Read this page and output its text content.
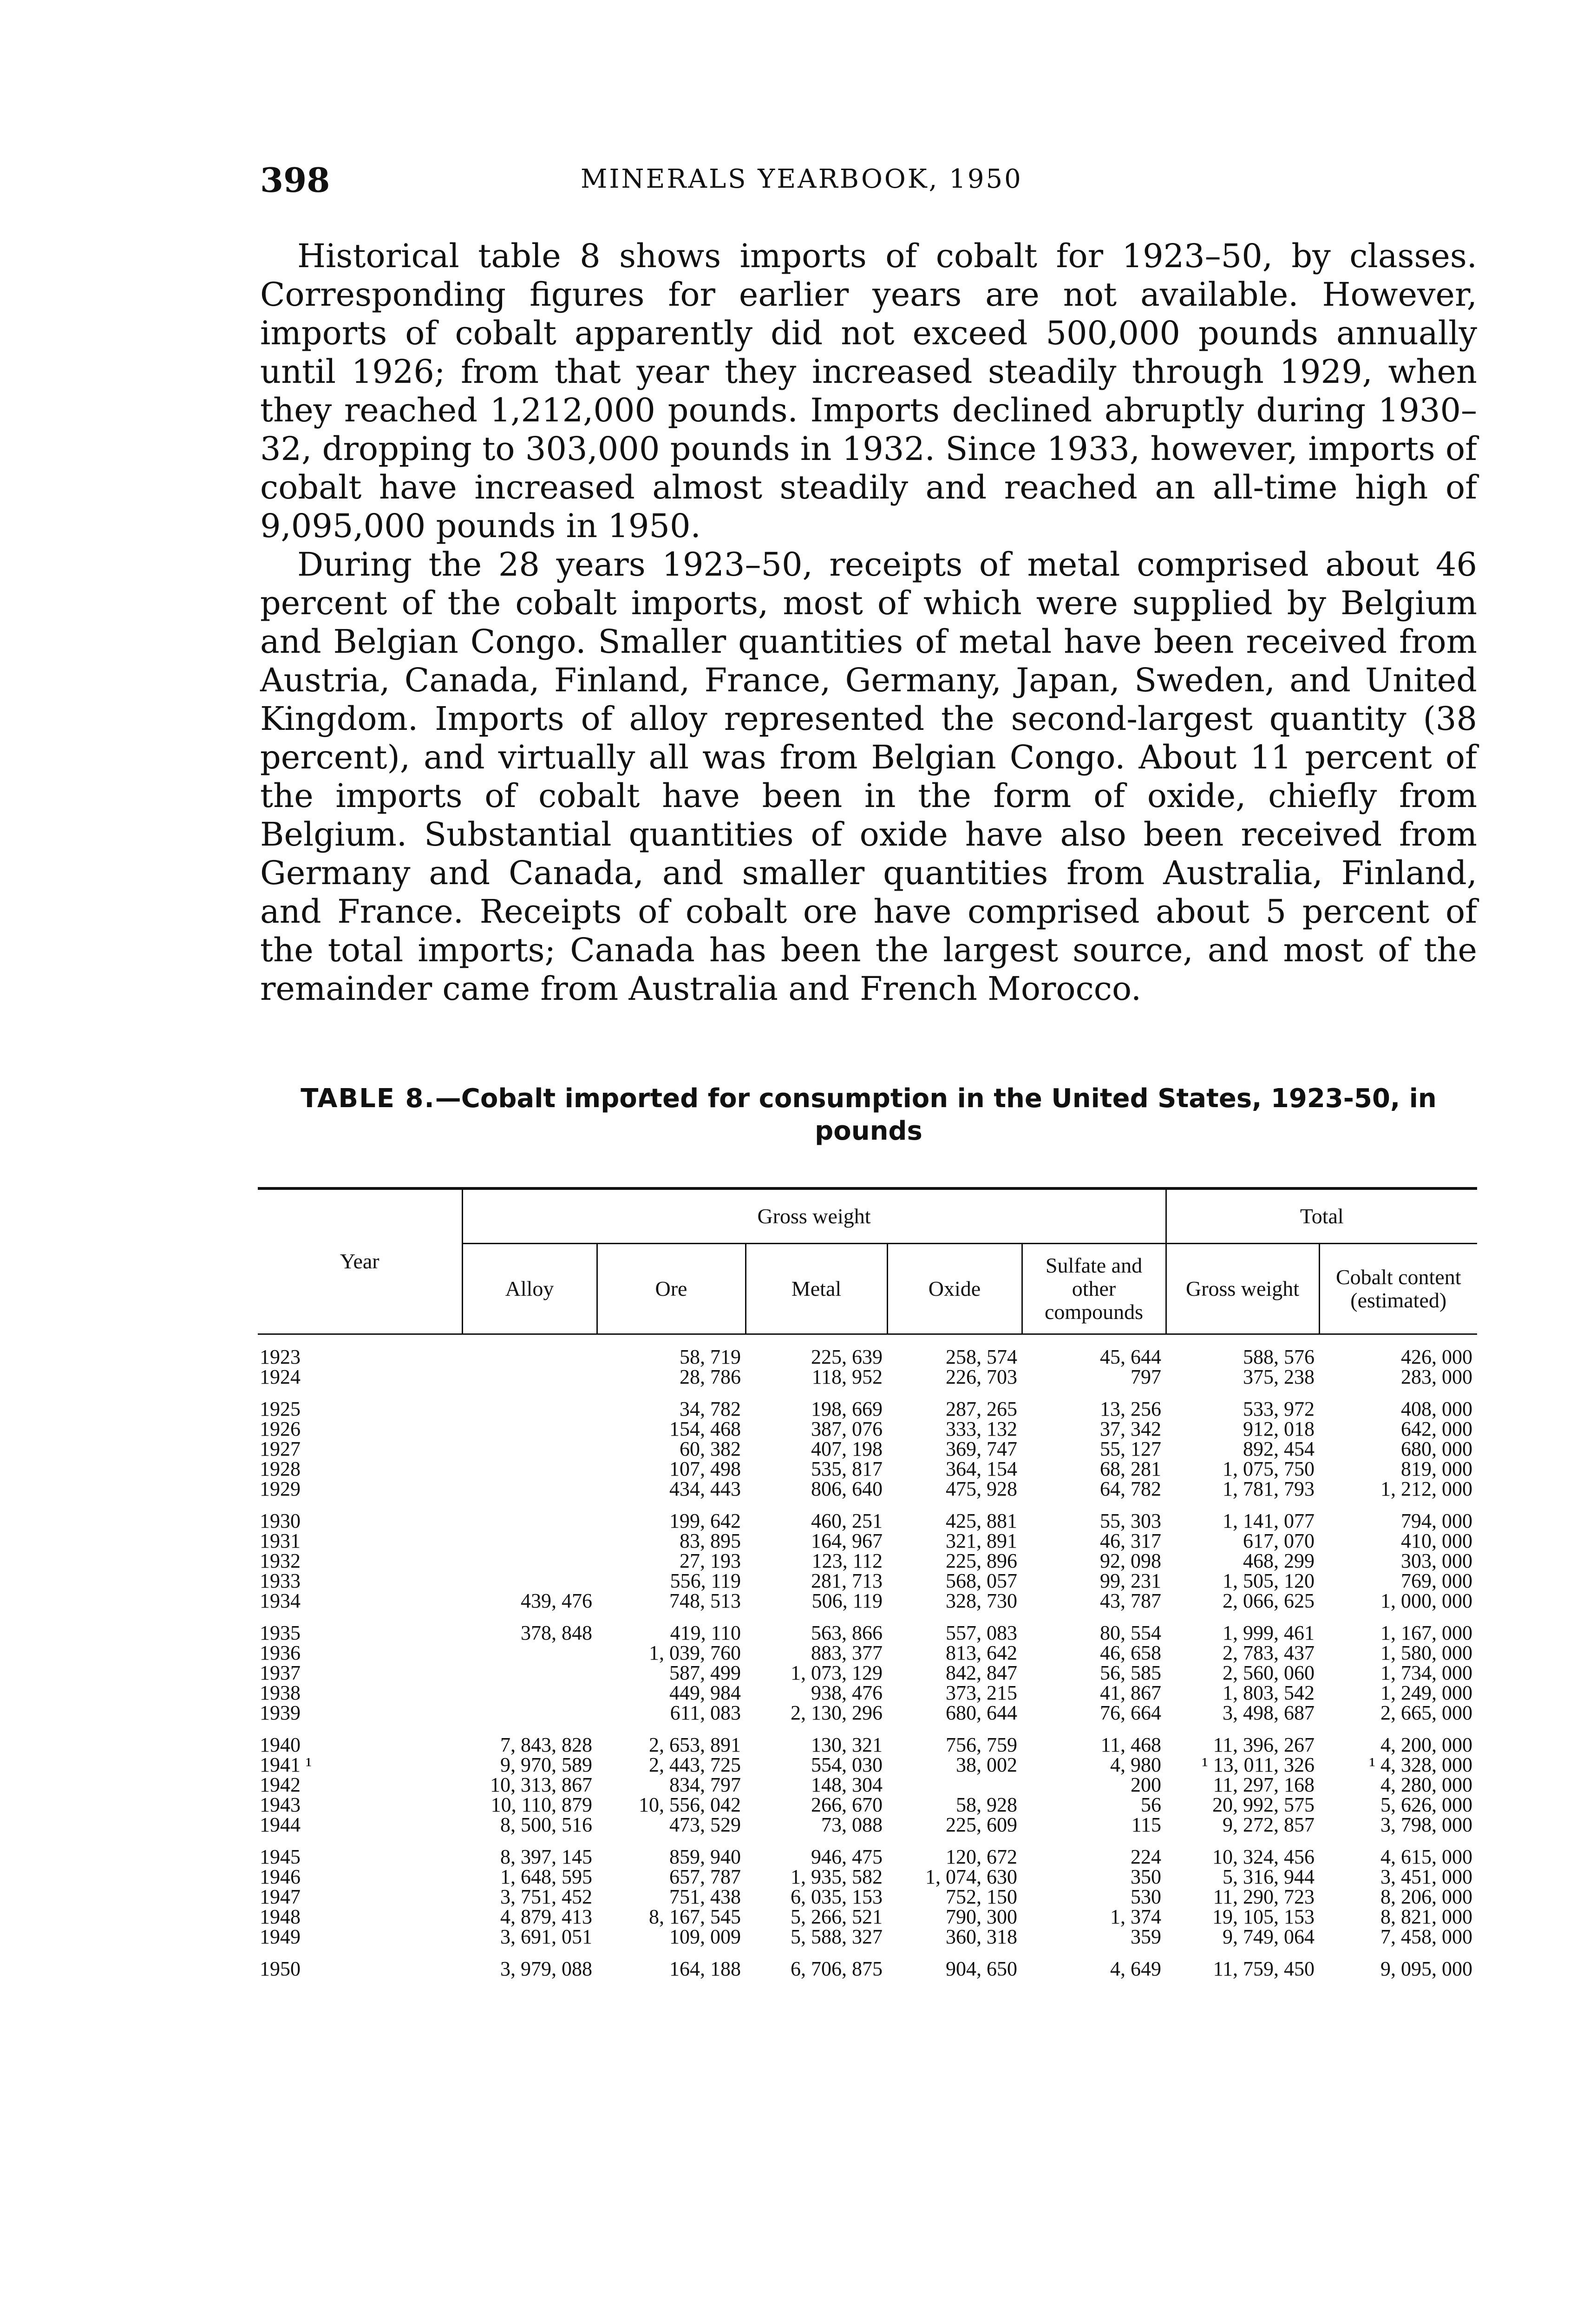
398	MINERALS YEARBOOK, 1950

Historical table 8 shows imports of cobalt for 1923–50, by classes. Corresponding figures for earlier years are not available. However, imports of cobalt apparently did not exceed 500,000 pounds annually until 1926; from that year they increased steadily through 1929, when they reached 1,212,000 pounds. Imports declined abruptly during 1930–32, dropping to 303,000 pounds in 1932. Since 1933, however, imports of cobalt have increased almost steadily and reached an all-time high of 9,095,000 pounds in 1950.

During the 28 years 1923–50, receipts of metal comprised about 46 percent of the cobalt imports, most of which were supplied by Belgium and Belgian Congo. Smaller quantities of metal have been received from Austria, Canada, Finland, France, Germany, Japan, Sweden, and United Kingdom. Imports of alloy represented the second-largest quantity (38 percent), and virtually all was from Belgian Congo. About 11 percent of the imports of cobalt have been in the form of oxide, chiefly from Belgium. Substantial quantities of oxide have also been received from Germany and Canada, and smaller quantities from Australia, Finland, and France. Receipts of cobalt ore have comprised about 5 percent of the total imports; Canada has been the largest source, and most of the remainder came from Australia and French Morocco.

TABLE 8.—Cobalt imported for consumption in the United States, 1923-50, in pounds

Year	Gross weight					Total	
	Alloy	Ore	Metal	Oxide	Sulfate and other compounds	Gross weight	Cobalt content (estimated)

1923		58, 719	225, 639	258, 574	45, 644	588, 576	426, 000
1924		28, 786	118, 952	226, 703	797	375, 238	283, 000

1925		34, 782	198, 669	287, 265	13, 256	533, 972	408, 000
1926		154, 468	387, 076	333, 132	37, 342	912, 018	642, 000
1927		60, 382	407, 198	369, 747	55, 127	892, 454	680, 000
1928		107, 498	535, 817	364, 154	68, 281	1, 075, 750	819, 000
1929		434, 443	806, 640	475, 928	64, 782	1, 781, 793	1, 212, 000

1930		199, 642	460, 251	425, 881	55, 303	1, 141, 077	794, 000
1931		83, 895	164, 967	321, 891	46, 317	617, 070	410, 000
1932		27, 193	123, 112	225, 896	92, 098	468, 299	303, 000
1933		556, 119	281, 713	568, 057	99, 231	1, 505, 120	769, 000
1934	439, 476	748, 513	506, 119	328, 730	43, 787	2, 066, 625	1, 000, 000

1935	378, 848	419, 110	563, 866	557, 083	80, 554	1, 999, 461	1, 167, 000
1936		1, 039, 760	883, 377	813, 642	46, 658	2, 783, 437	1, 580, 000
1937		587, 499	1, 073, 129	842, 847	56, 585	2, 560, 060	1, 734, 000
1938		449, 984	938, 476	373, 215	41, 867	1, 803, 542	1, 249, 000
1939		611, 083	2, 130, 296	680, 644	76, 664	3, 498, 687	2, 665, 000

1940	7, 843, 828	2, 653, 891	130, 321	756, 759	11, 468	11, 396, 267	4, 200, 000
1941 ¹	9, 970, 589	2, 443, 725	554, 030	38, 002	4, 980	¹ 13, 011, 326	¹ 4, 328, 000
1942	10, 313, 867	834, 797	148, 304		200	11, 297, 168	4, 280, 000
1943	10, 110, 879	10, 556, 042	266, 670	58, 928	56	20, 992, 575	5, 626, 000
1944	8, 500, 516	473, 529	73, 088	225, 609	115	9, 272, 857	3, 798, 000

1945	8, 397, 145	859, 940	946, 475	120, 672	224	10, 324, 456	4, 615, 000
1946	1, 648, 595	657, 787	1, 935, 582	1, 074, 630	350	5, 316, 944	3, 451, 000
1947	3, 751, 452	751, 438	6, 035, 153	752, 150	530	11, 290, 723	8, 206, 000
1948	4, 879, 413	8, 167, 545	5, 266, 521	790, 300	1, 374	19, 105, 153	8, 821, 000
1949	3, 691, 051	109, 009	5, 588, 327	360, 318	359	9, 749, 064	7, 458, 000

1950	3, 979, 088	164, 188	6, 706, 875	904, 650	4, 649	11, 759, 450	9, 095, 000
